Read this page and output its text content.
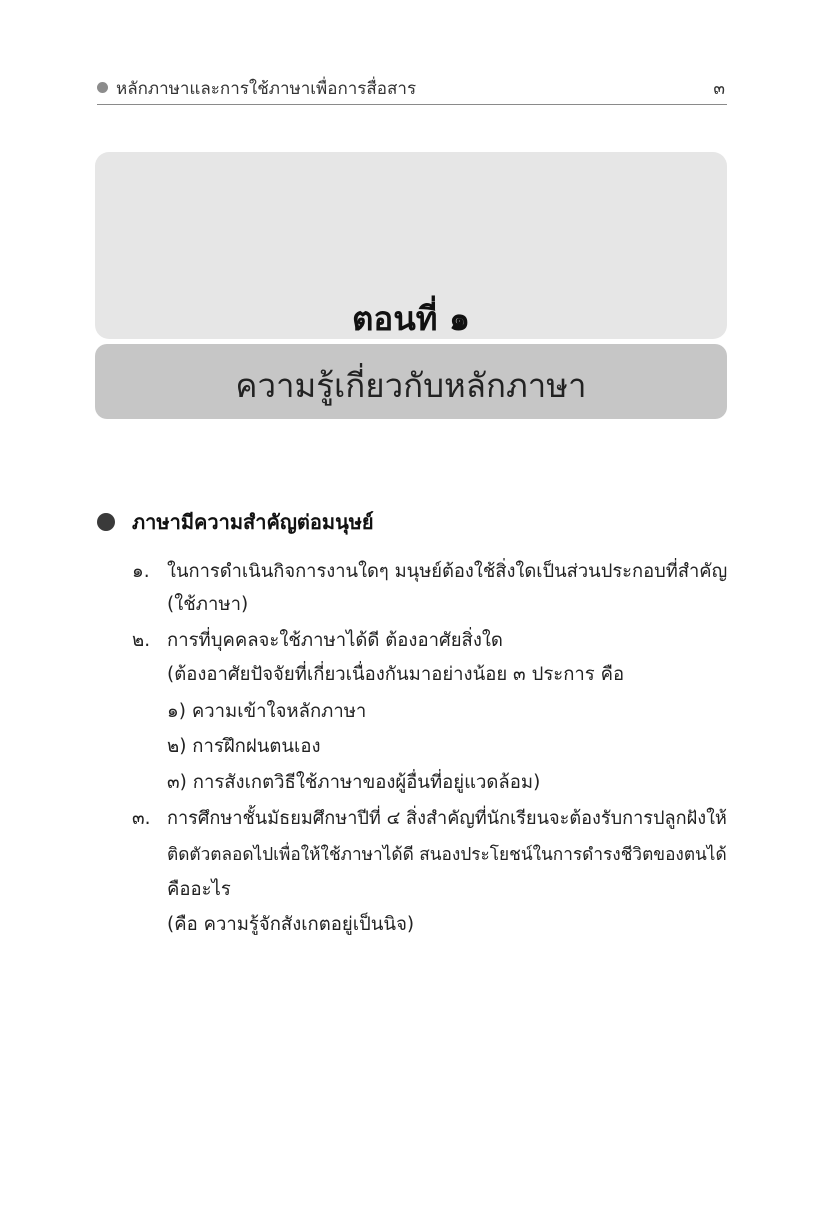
หลักภาษาและการใช้ภาษาเพื่อการสื่อสาร	๓
ตอนที่ ๑
ความรู้เกี่ยวกับหลักภาษา
ภาษามีความสำคัญต่อมนุษย์
๑. ในการดำเนินกิจการงานใดๆ มนุษย์ต้องใช้สิ่งใดเป็นส่วนประกอบที่สำคัญ
(ใช้ภาษา)
๒. การที่บุคคลจะใช้ภาษาได้ดี ต้องอาศัยสิ่งใด
(ต้องอาศัยปัจจัยที่เกี่ยวเนื่องกันมาอย่างน้อย ๓ ประการ คือ
๑) ความเข้าใจหลักภาษา
๒) การฝึกฝนตนเอง
๓) การสังเกตวิธีใช้ภาษาของผู้อื่นที่อยู่แวดล้อม)
๓. การศึกษาชั้นมัธยมศึกษาปีที่ ๔ สิ่งสำคัญที่นักเรียนจะต้องรับการปลูกฝังให้
ติดตัวตลอดไปเพื่อให้ใช้ภาษาได้ดี สนองประโยชน์ในการดำรงชีวิตของตนได้
คืออะไร
(คือ ความรู้จักสังเกตอยู่เป็นนิจ)
